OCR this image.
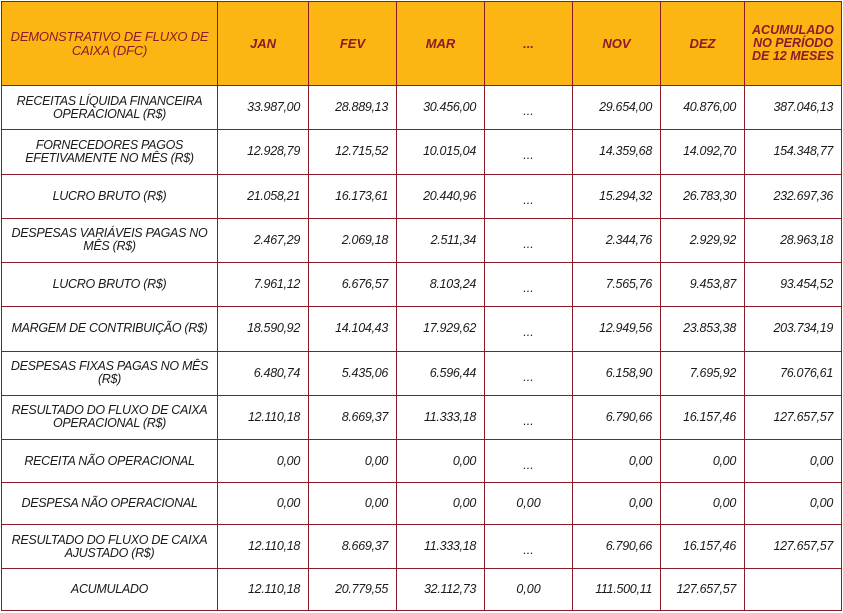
DEMONSTRATIVO DE FLUXO DE CAIXA (DFC)	JAN	FEV	MAR	...	NOV	DEZ	ACUMULADO NO PERÍODO DE 12 MESES
RECEITAS LÍQUIDA FINANCEIRA OPERACIONAL (R$)	33.987,00	28.889,13	30.456,00	...	29.654,00	40.876,00	387.046,13
FORNECEDORES PAGOS EFETIVAMENTE NO MÊS (R$)	12.928,79	12.715,52	10.015,04	...	14.359,68	14.092,70	154.348,77
LUCRO BRUTO (R$)	21.058,21	16.173,61	20.440,96	...	15.294,32	26.783,30	232.697,36
DESPESAS VARIÁVEIS PAGAS NO MÊS (R$)	2.467,29	2.069,18	2.511,34	...	2.344,76	2.929,92	28.963,18
LUCRO BRUTO (R$)	7.961,12	6.676,57	8.103,24	...	7.565,76	9.453,87	93.454,52
MARGEM DE CONTRIBUIÇÃO (R$)	18.590,92	14.104,43	17.929,62	...	12.949,56	23.853,38	203.734,19
DESPESAS FIXAS PAGAS NO MÊS (R$)	6.480,74	5.435,06	6.596,44	...	6.158,90	7.695,92	76.076,61
RESULTADO DO FLUXO DE CAIXA OPERACIONAL (R$)	12.110,18	8.669,37	11.333,18	...	6.790,66	16.157,46	127.657,57
RECEITA NÃO OPERACIONAL	0,00	0,00	0,00	...	0,00	0,00	0,00
DESPESA NÃO OPERACIONAL	0,00	0,00	0,00	0,00	0,00	0,00	0,00
RESULTADO DO FLUXO DE CAIXA AJUSTADO (R$)	12.110,18	8.669,37	11.333,18	...	6.790,66	16.157,46	127.657,57
ACUMULADO	12.110,18	20.779,55	32.112,73	0,00	111.500,11	127.657,57	
